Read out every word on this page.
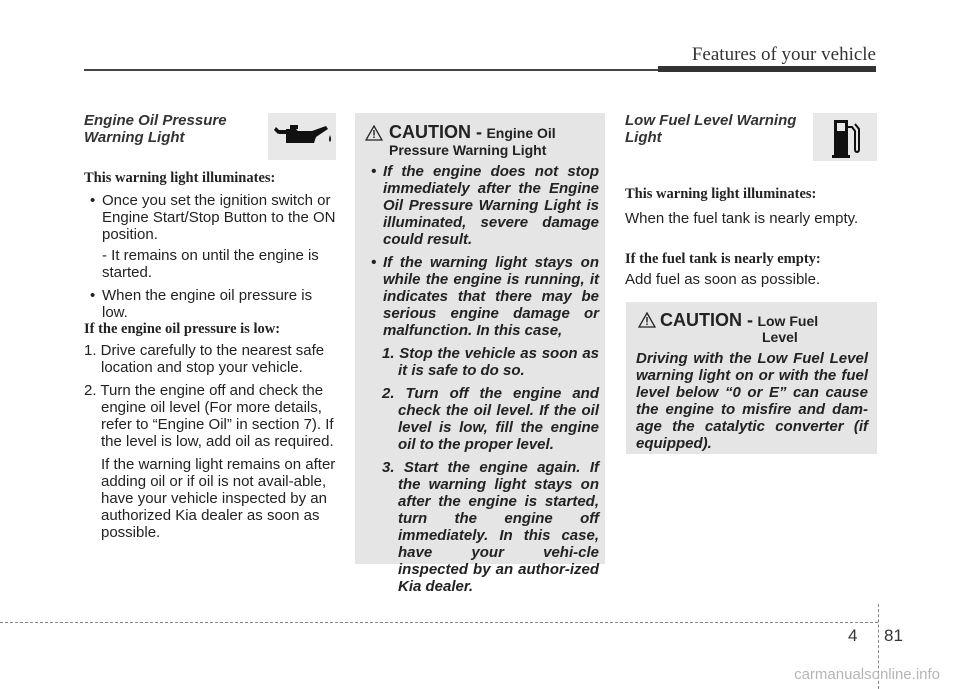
Features of your vehicle
Engine Oil Pressure
Warning Light
This warning light illuminates:
• Once you set the ignition switch or Engine Start/Stop Button to the ON position.
- It remains on until the engine is started.
• When the engine oil pressure is low.
If the engine oil pressure is low:
1. Drive carefully to the nearest safe location and stop your vehicle.
2. Turn the engine off and check the engine oil level (For more details, refer to “Engine Oil” in section 7). If the level is low, add oil as required.
If the warning light remains on after adding oil or if oil is not avail-able, have your vehicle inspected by an authorized Kia dealer as soon as possible.
CAUTION - Engine Oil
Pressure Warning Light
• If the engine does not stop immediately after the Engine Oil Pressure Warning Light is illuminated, severe damage could result.
• If the warning light stays on while the engine is running, it indicates that there may be serious engine damage or malfunction. In this case,
1. Stop the vehicle as soon as it is safe to do so.
2. Turn off the engine and check the oil level. If the oil level is low, fill the engine oil to the proper level.
3. Start the engine again. If the warning light stays on after the engine is started, turn the engine off immediately. In this case, have your vehi-cle inspected by an author-ized Kia dealer.
Low Fuel Level Warning
Light
This warning light illuminates:
When the fuel tank is nearly empty.
If the fuel tank is nearly empty:
Add fuel as soon as possible.
CAUTION - Low Fuel
Level
Driving with the Low Fuel Level warning light on or with the fuel level below “0 or E” can cause the engine to misfire and dam-age the catalytic converter (if equipped).
4 81
carmanualsonline.info
